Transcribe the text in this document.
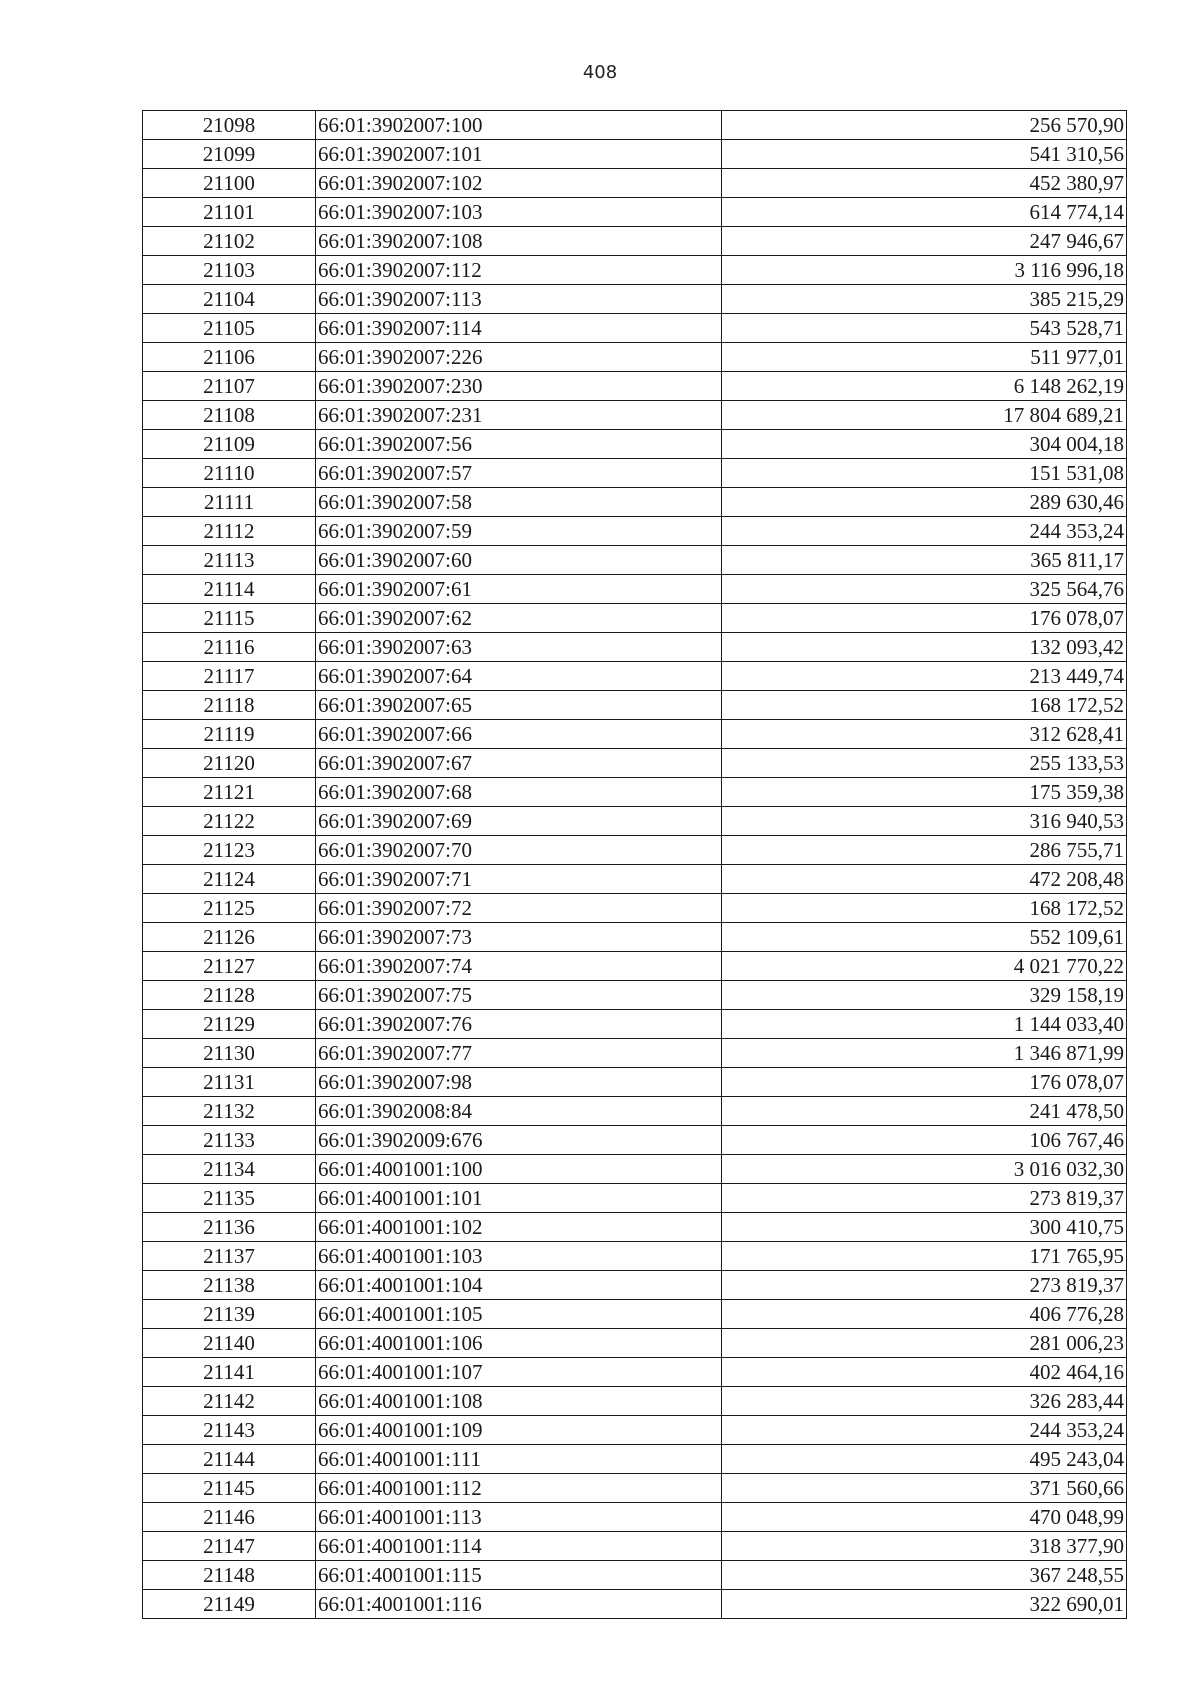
408
21098	66:01:3902007:100	256 570,90
21099	66:01:3902007:101	541 310,56
21100	66:01:3902007:102	452 380,97
21101	66:01:3902007:103	614 774,14
21102	66:01:3902007:108	247 946,67
21103	66:01:3902007:112	3 116 996,18
21104	66:01:3902007:113	385 215,29
21105	66:01:3902007:114	543 528,71
21106	66:01:3902007:226	511 977,01
21107	66:01:3902007:230	6 148 262,19
21108	66:01:3902007:231	17 804 689,21
21109	66:01:3902007:56	304 004,18
21110	66:01:3902007:57	151 531,08
21111	66:01:3902007:58	289 630,46
21112	66:01:3902007:59	244 353,24
21113	66:01:3902007:60	365 811,17
21114	66:01:3902007:61	325 564,76
21115	66:01:3902007:62	176 078,07
21116	66:01:3902007:63	132 093,42
21117	66:01:3902007:64	213 449,74
21118	66:01:3902007:65	168 172,52
21119	66:01:3902007:66	312 628,41
21120	66:01:3902007:67	255 133,53
21121	66:01:3902007:68	175 359,38
21122	66:01:3902007:69	316 940,53
21123	66:01:3902007:70	286 755,71
21124	66:01:3902007:71	472 208,48
21125	66:01:3902007:72	168 172,52
21126	66:01:3902007:73	552 109,61
21127	66:01:3902007:74	4 021 770,22
21128	66:01:3902007:75	329 158,19
21129	66:01:3902007:76	1 144 033,40
21130	66:01:3902007:77	1 346 871,99
21131	66:01:3902007:98	176 078,07
21132	66:01:3902008:84	241 478,50
21133	66:01:3902009:676	106 767,46
21134	66:01:4001001:100	3 016 032,30
21135	66:01:4001001:101	273 819,37
21136	66:01:4001001:102	300 410,75
21137	66:01:4001001:103	171 765,95
21138	66:01:4001001:104	273 819,37
21139	66:01:4001001:105	406 776,28
21140	66:01:4001001:106	281 006,23
21141	66:01:4001001:107	402 464,16
21142	66:01:4001001:108	326 283,44
21143	66:01:4001001:109	244 353,24
21144	66:01:4001001:111	495 243,04
21145	66:01:4001001:112	371 560,66
21146	66:01:4001001:113	470 048,99
21147	66:01:4001001:114	318 377,90
21148	66:01:4001001:115	367 248,55
21149	66:01:4001001:116	322 690,01
